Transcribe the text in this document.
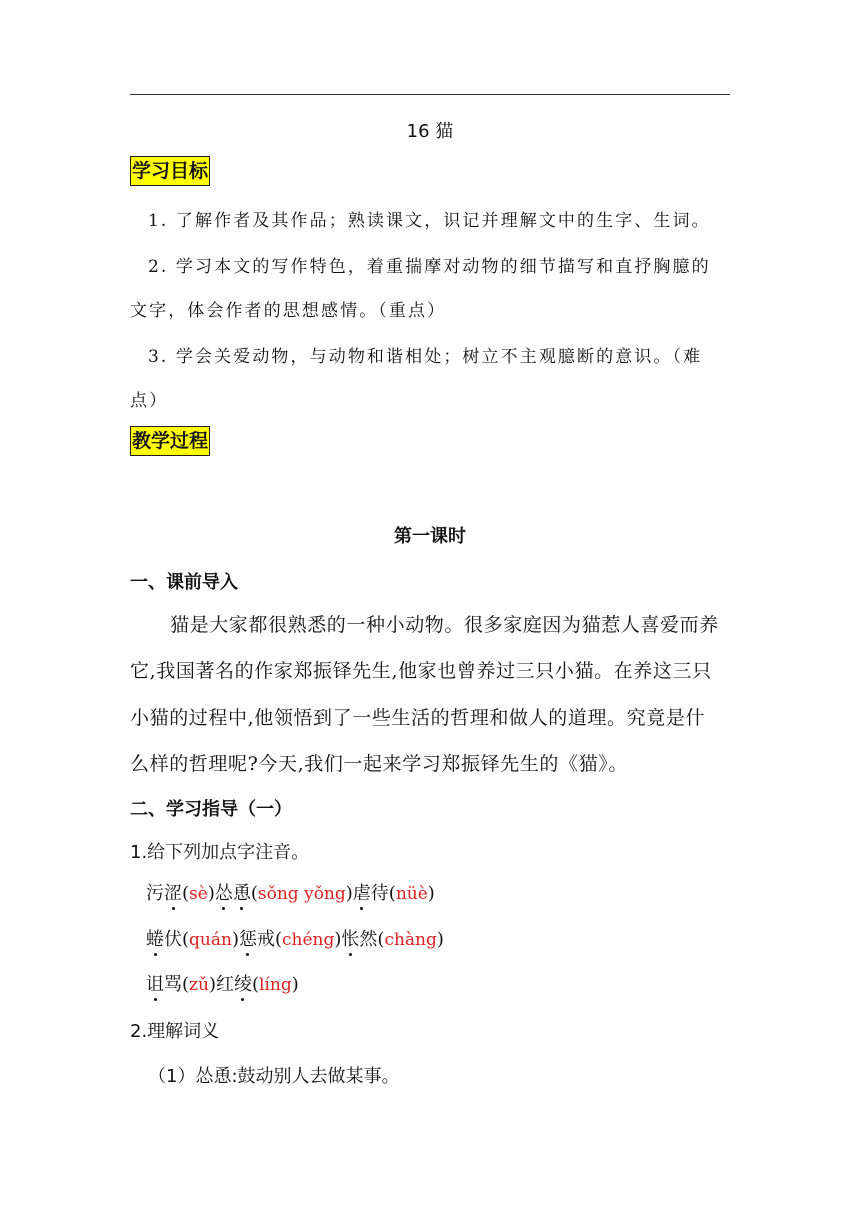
16 猫
学习目标
1. 了解作者及其作品；熟读课文，识记并理解文中的生字、生词。
2. 学习本文的写作特色，着重揣摩对动物的细节描写和直抒胸臆的
文字，体会作者的思想感情。（重点）
3. 学会关爱动物，与动物和谐相处；树立不主观臆断的意识。（难
点）
教学过程
第一课时
一、课前导入
猫是大家都很熟悉的一种小动物。很多家庭因为猫惹人喜爱而养
它,我国著名的作家郑振铎先生,他家也曾养过三只小猫。在养这三只
小猫的过程中,他领悟到了一些生活的哲理和做人的道理。究竟是什
么样的哲理呢?今天,我们一起来学习郑振铎先生的《猫》。
二、学习指导（一）
1.给下列加点字注音。
污涩(sè)怂恿(sǒng yǒng)虐待(nüè)
蜷伏(quán)惩戒(chéng)怅然(chàng)
诅骂(zǔ)红绫(líng)
2.理解词义
（1）怂恿:鼓动别人去做某事。
